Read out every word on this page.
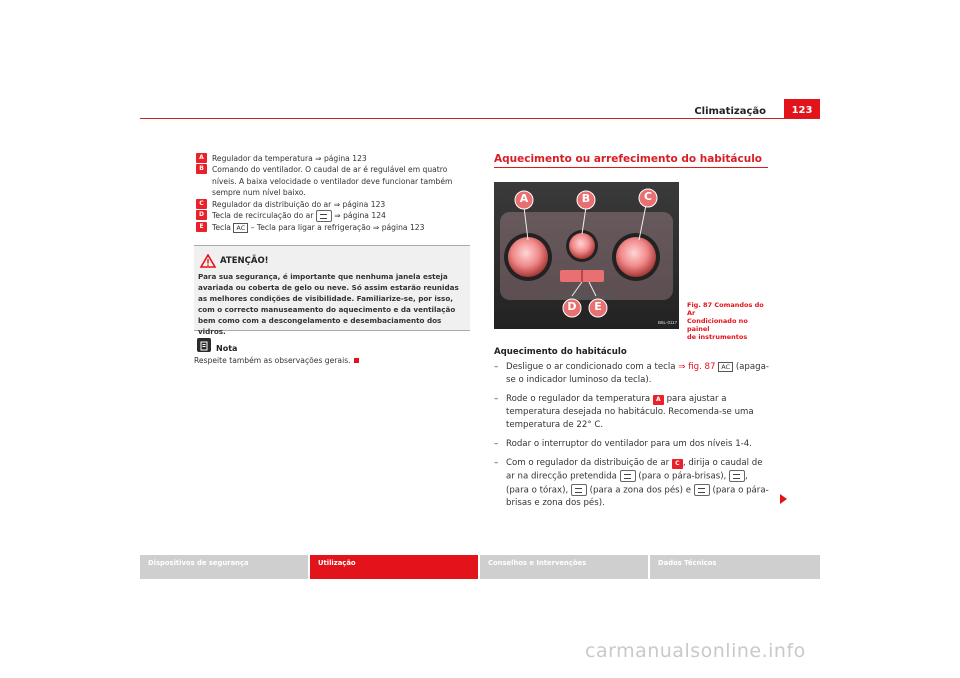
Climatização	123
A	Regulador da temperatura ⇒ página 123
B	Comando do ventilador. O caudal de ar é regulável em quatro níveis. A baixa velocidade o ventilador deve funcionar também sempre num nível baixo.
C	Regulador da distribuição do ar ⇒ página 123
D	Tecla de recirculação do ar	⇒ página 124
E	Tecla AC – Tecla para ligar a refrigeração ⇒ página 123
ATENÇÃO!
Para sua segurança, é importante que nenhuma janela esteja avariada ou coberta de gelo ou neve. Só assim estarão reunidas as melhores condições de visibilidade. Familiarize-se, por isso, com o correcto manuseamento do aquecimento e da ventilação bem como com a descongelamento e desembaciamento dos vidros.
Nota
Respeite também as observações gerais.
Aquecimento ou arrefecimento do habitáculo
B6L-0117
A	B	C
D	E	Fig. 87 Comandos do Ar
Condicionado no painel
de instrumentos
Aquecimento do habitáculo
– Desligue o ar condicionado com a tecla ⇒ fig. 87 AC (apaga-se o indicador luminoso da tecla).
– Rode o regulador da temperatura A para ajustar a temperatura desejada no habitáculo. Recomenda-se uma temperatura de 22° C.
– Rodar o interruptor do ventilador para um dos níveis 1-4.
– Com o regulador da distribuição de ar C , dirija o caudal de ar na direcção pretendida (para o pára-brisas), , (para o tórax), (para a zona dos pés) e (para o pára-brisas e zona dos pés).
Dispositivos de segurança	Utilização	Conselhos e Intervenções	Dados Técnicos
carmanualsonline.info
